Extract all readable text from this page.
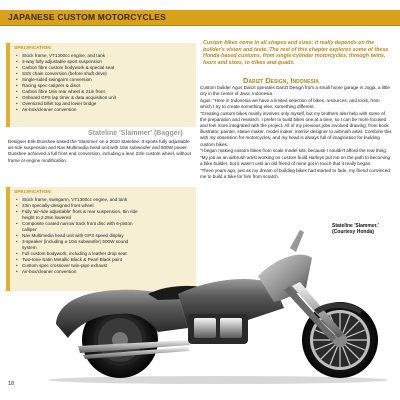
JAPANESE CUSTOM MOTORCYCLES
SPECIFICATION
• Stock frame, VT1300cc engine, and tank
• 3-way fully adjustable sport suspension
• Carbon fibre custom bodywork & special seat
• SSS chain conversion (before shaft drive)
• Single-sided swingarm conversion
• Racing spec calipers & discs
• Carbon fibre 18in rear wheel & 21in front
• Onboard GPS lap timer & data acquisition unit
• Oversized billet top and lower bridge
• Air-box/cleaner conversion
Stateline 'Slammer' (Bagger)

Designer Erik Dunshee based the 'Slammer' on a 2010 Stateline. It sports fully adjustable air-ride suspension and Nav Multimedia head unit with 10in subwoofer and 500W power. Dunshee achieved a full front end conversion, including a lean 23in custom wheel, without frame or engine modification.

SPECIFICATION
• Stock frame, swingarm, VT1300cc engine, and tank
• 23in specially-designed front wheel
• Fully 'air-ride adjustable' front & rear suspension, 6in ride
height to 2.25in lowered
• Composite coated narrow track front disc with 6-piston
calliper
• Nav Multimedia head unit with GPS speed display
• 3-speaker (including a 10in subwoofer) 500W sound
system
• Full custom bodywork, including a leather drop seat
• Two-tone Satin Metallic Black & Pearl Black paint
• Custom spec crossover twin-pipe exhaust
• Air-box/cleaner conversion
Custom bikes come in all shapes and sizes; it really depends on the builder's vision and taste. The rest of this chapter explores some of these Honda-based customs, from single-cylinder motorcycles, through twins, fours and sixes, to trikes and quads.
Darizt Design, Indonesia

Custom builder Agus Darizt operates Darizt Design from a small home garage in Jogja, a little city in the center of Java, Indonesia.

Agus: "Here in Indonesia we have a limited selection of bikes, resources, and tools, from which I try to create something else, something different.

"Creating custom bikes mainly involves only myself, but my brothers also help with some of the preparation and research. I prefer to build bikes one at a time, so I can be more focused and feel more integrated with the project. All of my previous jobs involved drawing, from book illustrator, painter, statue maker, model maker, interior designer to airbrush artist. Combine this with my obsession for motorcycles, and my head is always full of imagination for building custom bikes.

"I began making custom bikes from scale model kits, because I couldn't afford the real thing.

"My job as an airbrush artist working on custom build Harleys put me on the path to becoming a bike builder, but it wasn't until an old friend of mine got in touch that it really began.

"Three years ago, just as my dream of building bikes had started to fade, my friend convinced me to build a bike for him from scratch.

Stateline 'Slammer.'
(Courtesy Honda)
18
